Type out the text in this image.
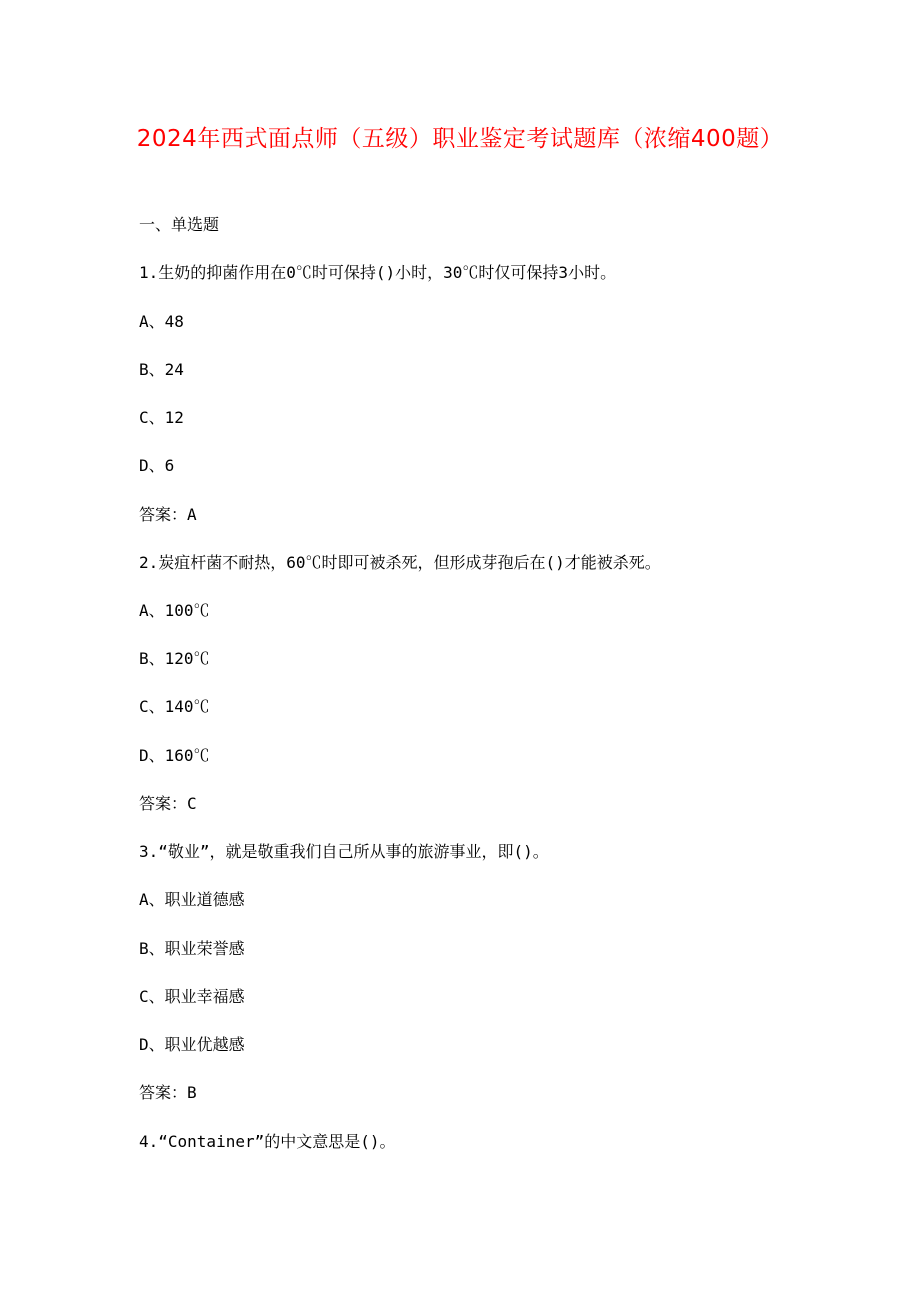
2024年西式面点师（五级）职业鉴定考试题库（浓缩400题）
一、单选题
1.生奶的抑菌作用在0℃时可保持()小时，30℃时仅可保持3小时。
A、48
B、24
C、12
D、6
答案：A
2.炭疽杆菌不耐热，60℃时即可被杀死，但形成芽孢后在()才能被杀死。
A、100℃
B、120℃
C、140℃
D、160℃
答案：C
3.“敬业”，就是敬重我们自己所从事的旅游事业，即()。
A、职业道德感
B、职业荣誉感
C、职业幸福感
D、职业优越感
答案：B
4.“Container”的中文意思是()。
